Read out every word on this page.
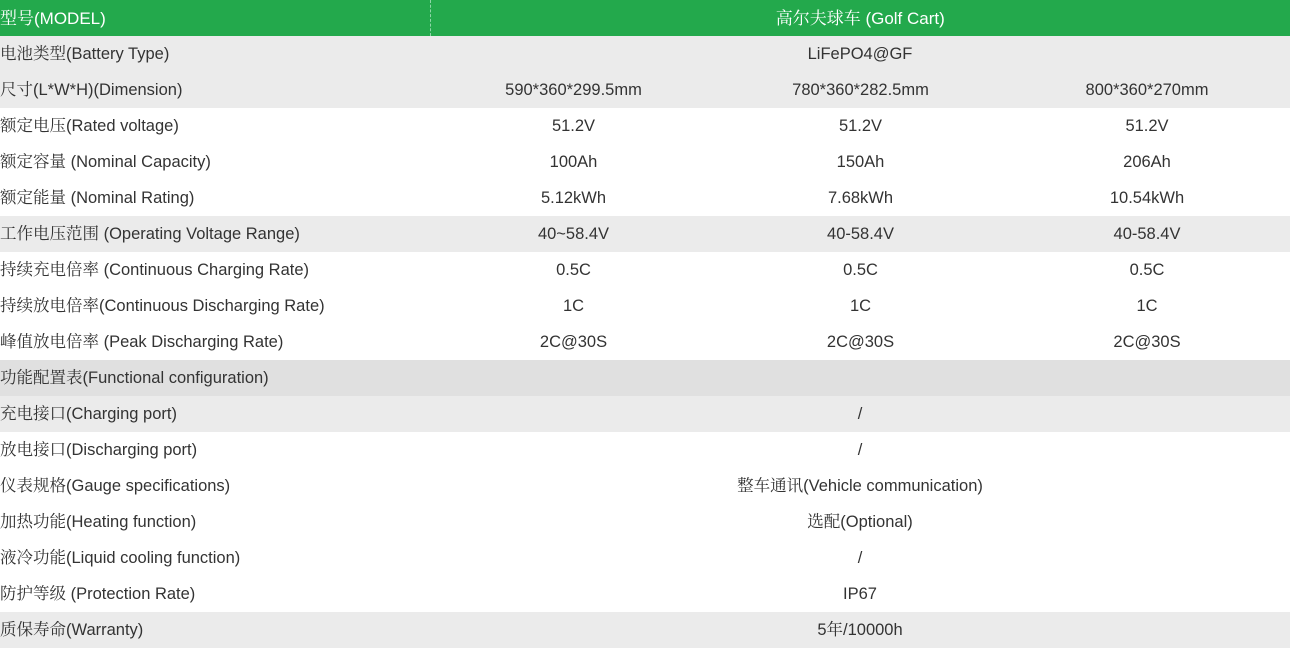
型号(MODEL)	高尔夫球车 (Golf Cart)		
电池类型(Battery Type)	LiFePO4@GF		
尺寸(L*W*H)(Dimension)	590*360*299.5mm	780*360*282.5mm	800*360*270mm
额定电压(Rated voltage)	51.2V	51.2V	51.2V
额定容量 (Nominal Capacity)	100Ah	150Ah	206Ah
额定能量 (Nominal Rating)	5.12kWh	7.68kWh	10.54kWh
工作电压范围 (Operating Voltage Range)	40~58.4V	40-58.4V	40-58.4V
持续充电倍率 (Continuous Charging Rate)	0.5C	0.5C	0.5C
持续放电倍率(Continuous Discharging Rate)	1C	1C	1C
峰值放电倍率 (Peak Discharging Rate)	2C@30S	2C@30S	2C@30S
功能配置表(Functional configuration)			
充电接口(Charging port)	/		
放电接口(Discharging port)	/		
仪表规格(Gauge specifications)	整车通讯(Vehicle communication)		
加热功能(Heating function)	选配(Optional)		
液冷功能(Liquid cooling function)	/		
防护等级 (Protection Rate)	IP67		
质保寿命(Warranty)	5年/10000h		
